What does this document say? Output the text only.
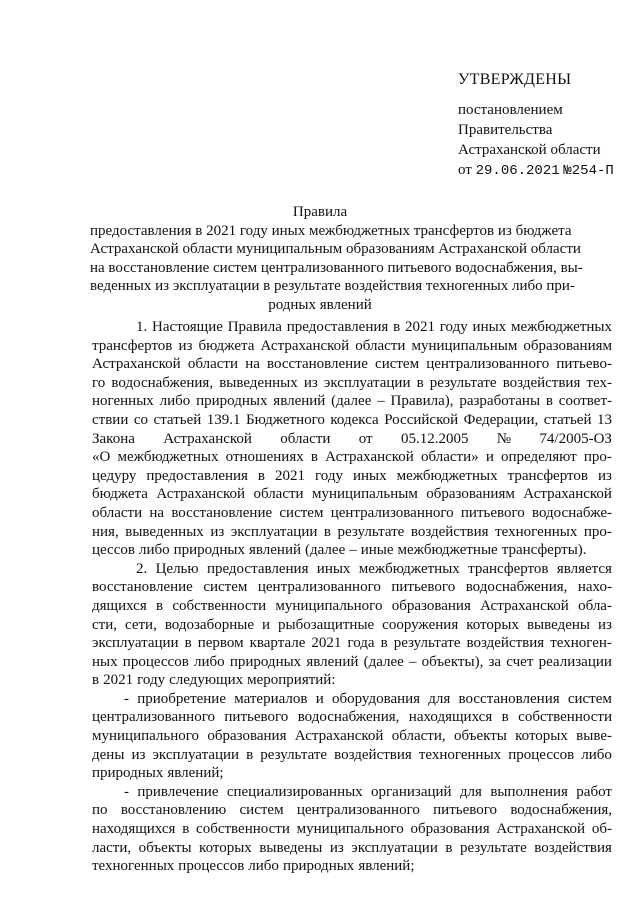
УТВЕРЖДЕНЫ
постановлением
Правительства
Астраханской области
от 29.06.2021 №254-П
Правила
предоставления в 2021 году иных межбюджетных трансфертов из бюджета
Астраханской области муниципальным образованиям Астраханской области
на восстановление систем централизованного питьевого водоснабжения, вы-
веденных из эксплуатации в результате воздействия техногенных либо при-
родных явлений
1. Настоящие Правила предоставления в 2021 году иных межбюджетных
трансфертов из бюджета Астраханской области муниципальным образованиям
Астраханской области на восстановление систем централизованного питьево-
го водоснабжения, выведенных из эксплуатации в результате воздействия тех-
ногенных либо природных явлений (далее – Правила), разработаны в соответ-
ствии со статьей 139.1 Бюджетного кодекса Российской Федерации, статьей 13
Закона Астраханской области от 05.12.2005 № 74/2005-ОЗ
«О межбюджетных отношениях в Астраханской области» и определяют про-
цедуру предоставления в 2021 году иных межбюджетных трансфертов из
бюджета Астраханской области муниципальным образованиям Астраханской
области на восстановление систем централизованного питьевого водоснабже-
ния, выведенных из эксплуатации в результате воздействия техногенных про-
цессов либо природных явлений (далее – иные межбюджетные трансферты).
2. Целью предоставления иных межбюджетных трансфертов является
восстановление систем централизованного питьевого водоснабжения, нахо-
дящихся в собственности муниципального образования Астраханской обла-
сти, сети, водозаборные и рыбозащитные сооружения которых выведены из
эксплуатации в первом квартале 2021 года в результате воздействия техноген-
ных процессов либо природных явлений (далее – объекты), за счет реализации
в 2021 году следующих мероприятий:
- приобретение материалов и оборудования для восстановления систем
централизованного питьевого водоснабжения, находящихся в собственности
муниципального образования Астраханской области, объекты которых выве-
дены из эксплуатации в результате воздействия техногенных процессов либо
природных явлений;
- привлечение специализированных организаций для выполнения работ
по восстановлению систем централизованного питьевого водоснабжения,
находящихся в собственности муниципального образования Астраханской об-
ласти, объекты которых выведены из эксплуатации в результате воздействия
техногенных процессов либо природных явлений;
